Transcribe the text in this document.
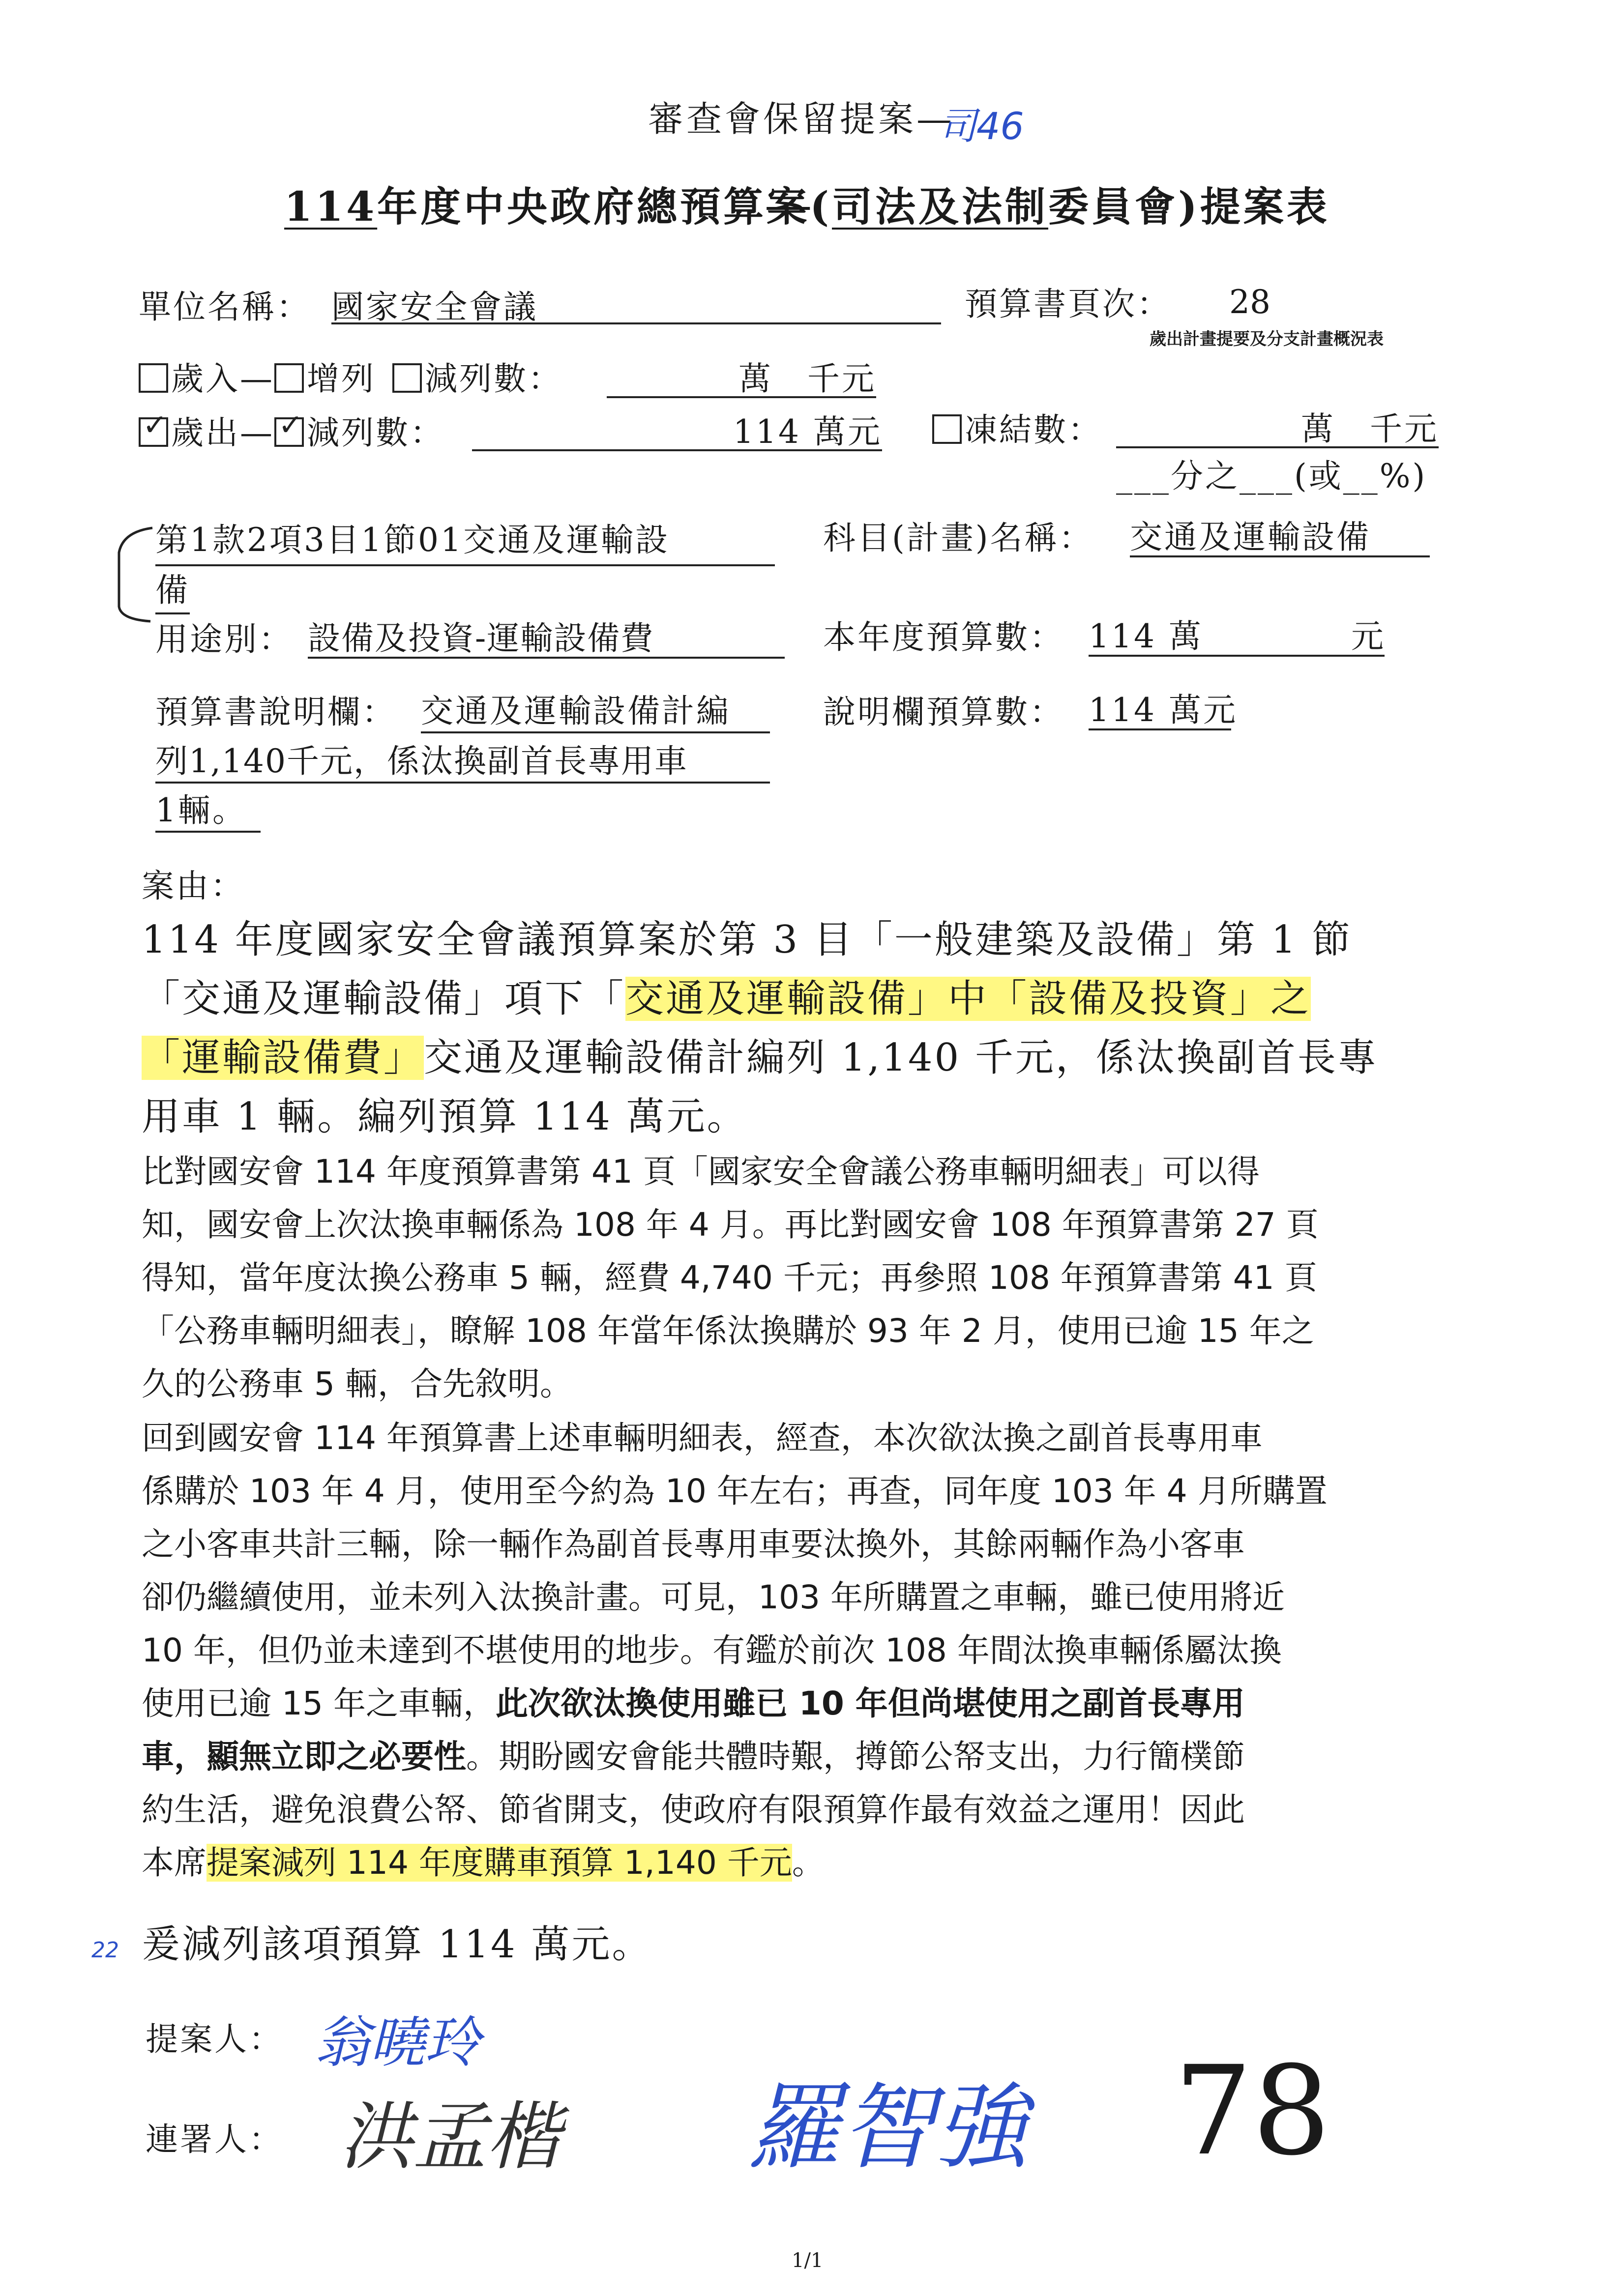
審查會保留提案—
司46
114年度中央政府總預算案(司法及法制委員會)提案表
單位名稱： 國家安全會議	預算書頁次： 28
歲出計畫提要及分支計畫概況表
歲入— 增列 減列數：	萬　千元
✓歲出—✓ 減列數：	114 萬元	凍結數：	萬　千元
___分之___(或__%)
第1款2項3目1節01交通及運輸設
備
科目(計畫)名稱： 交通及運輸設備
用途別： 設備及投資-運輸設備費	本年度預算數： 114 萬	元
預算書說明欄： 交通及運輸設備計編
列1,140千元，係汰換副首長專用車
1輛。
說明欄預算數： 114 萬元
案由：
114 年度國家安全會議預算案於第 3 目「一般建築及設備」第 1 節
「交通及運輸設備」項下「交通及運輸設備」中「設備及投資」之
「運輸設備費」交通及運輸設備計編列 1,140 千元，係汰換副首長專
用車 1 輛。編列預算 114 萬元。
比對國安會 114 年度預算書第 41 頁「國家安全會議公務車輛明細表」可以得
知，國安會上次汰換車輛係為 108 年 4 月。再比對國安會 108 年預算書第 27 頁
得知，當年度汰換公務車 5 輛，經費 4,740 千元；再參照 108 年預算書第 41 頁
「公務車輛明細表」，瞭解 108 年當年係汰換購於 93 年 2 月，使用已逾 15 年之
久的公務車 5 輛，合先敘明。
回到國安會 114 年預算書上述車輛明細表，經查，本次欲汰換之副首長專用車
係購於 103 年 4 月，使用至今約為 10 年左右；再查，同年度 103 年 4 月所購置
之小客車共計三輛，除一輛作為副首長專用車要汰換外，其餘兩輛作為小客車
卻仍繼續使用，並未列入汰換計畫。可見，103 年所購置之車輛，雖已使用將近
10 年，但仍並未達到不堪使用的地步。有鑑於前次 108 年間汰換車輛係屬汰換
使用已逾 15 年之車輛，此次欲汰換使用雖已 10 年但尚堪使用之副首長專用
車，顯無立即之必要性。期盼國安會能共體時艱，撙節公帑支出，力行簡樸節
約生活，避免浪費公帑、節省開支，使政府有限預算作最有效益之運用！因此
本席提案減列 114 年度購車預算 1,140 千元。
22 爰減列該項預算 114 萬元。
提案人： 翁曉玲
連署人： 洪孟楷 羅智強 78
1/1
